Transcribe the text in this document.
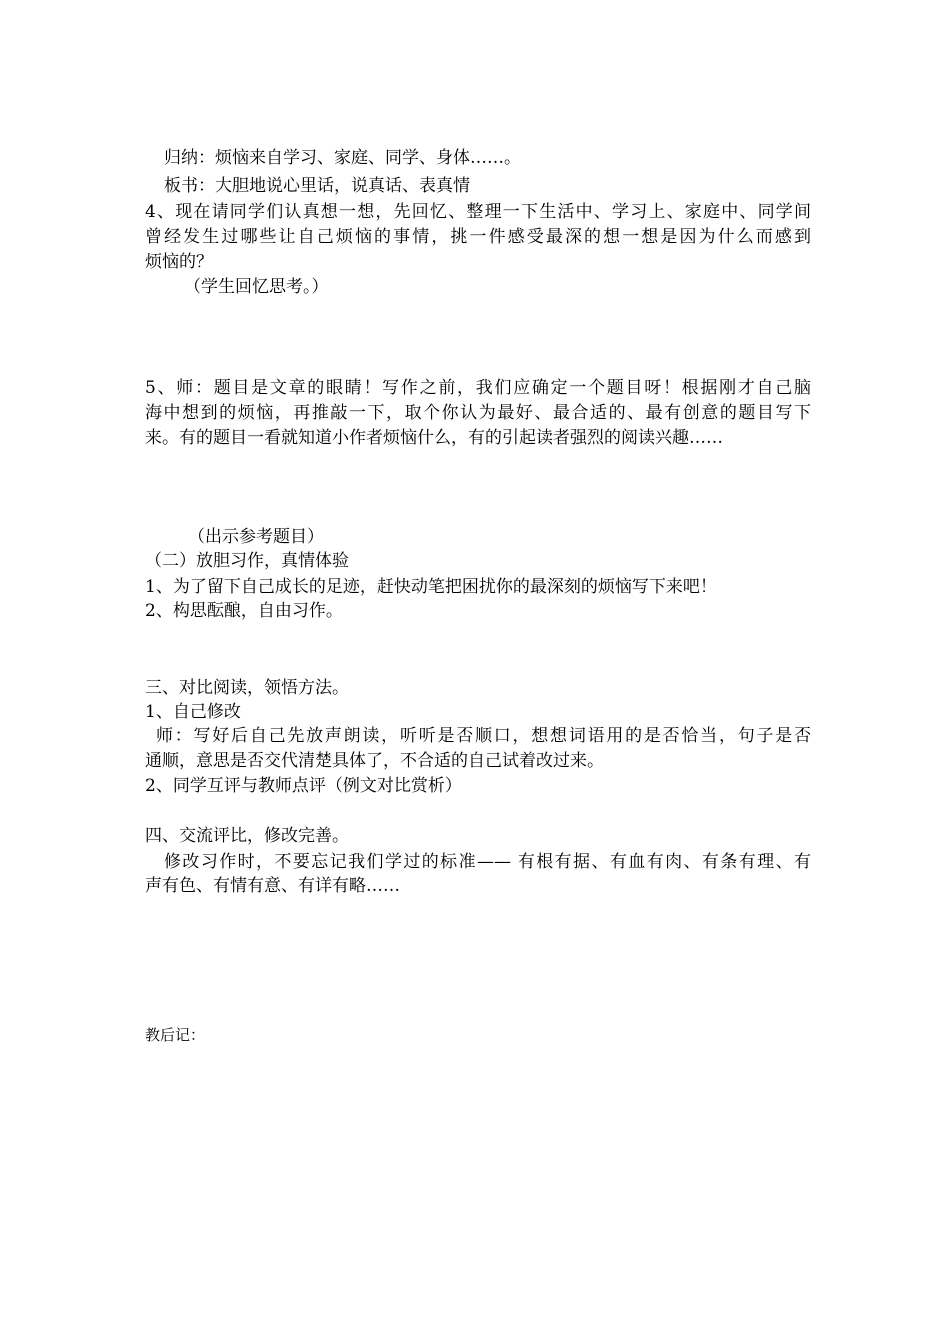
归纳：烦恼来自学习、家庭、同学、身体……。
板书：大胆地说心里话，说真话、表真情
4、现在请同学们认真想一想，先回忆、整理一下生活中、学习上、家庭中、同学间
曾经发生过哪些让自己烦恼的事情，挑一件感受最深的想一想是因为什么而感到
烦恼的？
（学生回忆思考。）
5、师：题目是文章的眼睛！写作之前，我们应确定一个题目呀！根据刚才自己脑
海中想到的烦恼，再推敲一下，取个你认为最好、最合适的、最有创意的题目写下
来。有的题目一看就知道小作者烦恼什么，有的引起读者强烈的阅读兴趣……
（出示参考题目）
（二）放胆习作，真情体验
1、为了留下自己成长的足迹，赶快动笔把困扰你的最深刻的烦恼写下来吧！
2、构思酝酿，自由习作。
三、对比阅读，领悟方法。
1、自己修改
师：写好后自己先放声朗读，听听是否顺口，想想词语用的是否恰当，句子是否
通顺，意思是否交代清楚具体了，不合适的自己试着改过来。
2、同学互评与教师点评（例文对比赏析）
四、交流评比，修改完善。
修改习作时，不要忘记我们学过的标准—— 有根有据、有血有肉、有条有理、有
声有色、有情有意、有详有略……
教后记：
